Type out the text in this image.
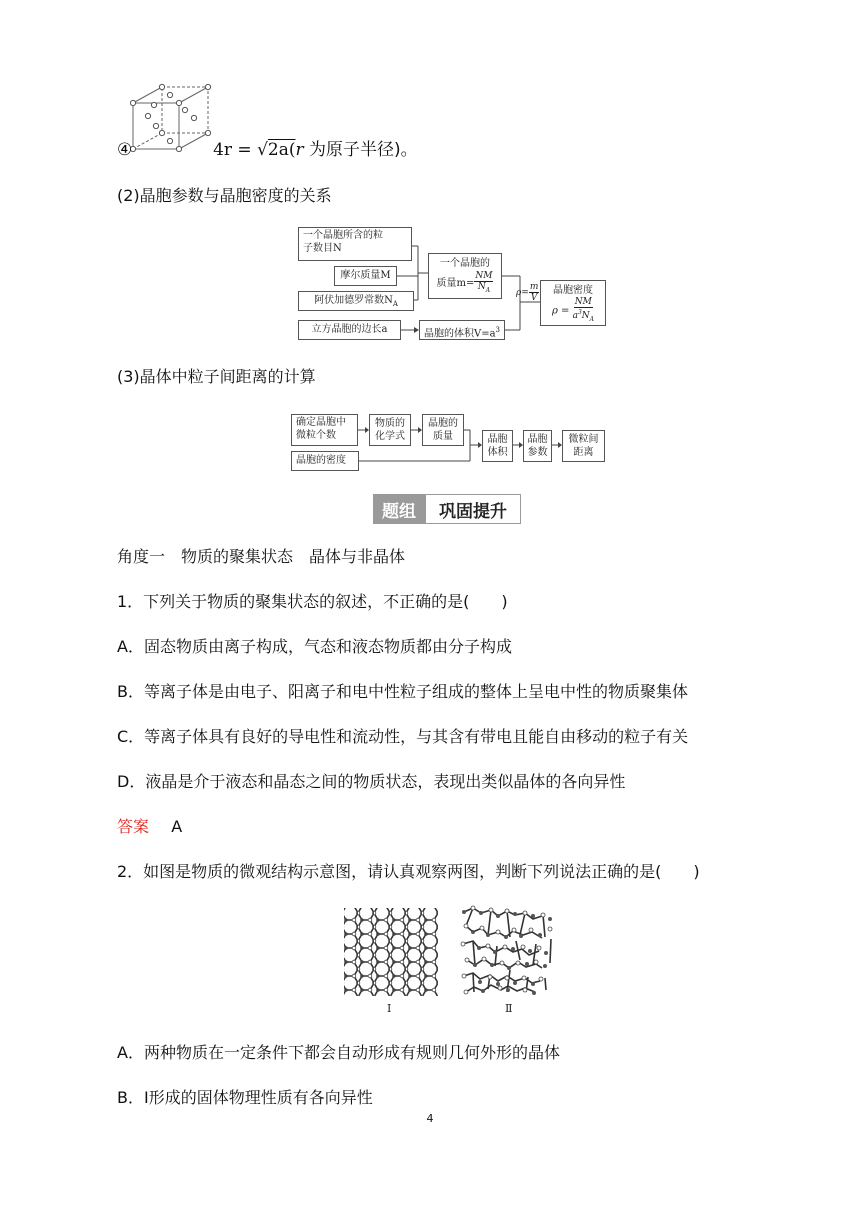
④	4r = √2a(r 为原子半径)。
(2)晶胞参数与晶胞密度的关系
一个晶胞所含的粒
子数目N
摩尔质量M
阿伏加德罗常数$N_A$
立方晶胞的边长a
一个晶胞的
质量$m= \frac{NM}{N_A}$
晶胞的体积$V=a^3$
$\rho= \frac{m}{V}$	晶胞密度
$\rho = \frac{NM}{a^3N_A}$
(3)晶体中粒子间距离的计算
确定晶胞中
微粒个数
物质的
化学式
晶胞的
质量
晶胞的密度
晶胞
体积
晶胞
参数
微粒间
距离
题组	巩固提升
角度一　物质的聚集状态　晶体与非晶体
1．下列关于物质的聚集状态的叙述，不正确的是(　　)
A．固态物质由离子构成，气态和液态物质都由分子构成
B．等离子体是由电子、阳离子和电中性粒子组成的整体上呈电中性的物质聚集体
C．等离子体具有良好的导电性和流动性，与其含有带电且能自由移动的粒子有关
D．液晶是介于液态和晶态之间的物质状态，表现出类似晶体的各向异性
答案 A
2．如图是物质的微观结构示意图，请认真观察两图，判断下列说法正确的是(　　)
Ⅰ	Ⅱ
A．两种物质在一定条件下都会自动形成有规则几何外形的晶体
B．Ⅰ形成的固体物理性质有各向异性
4
